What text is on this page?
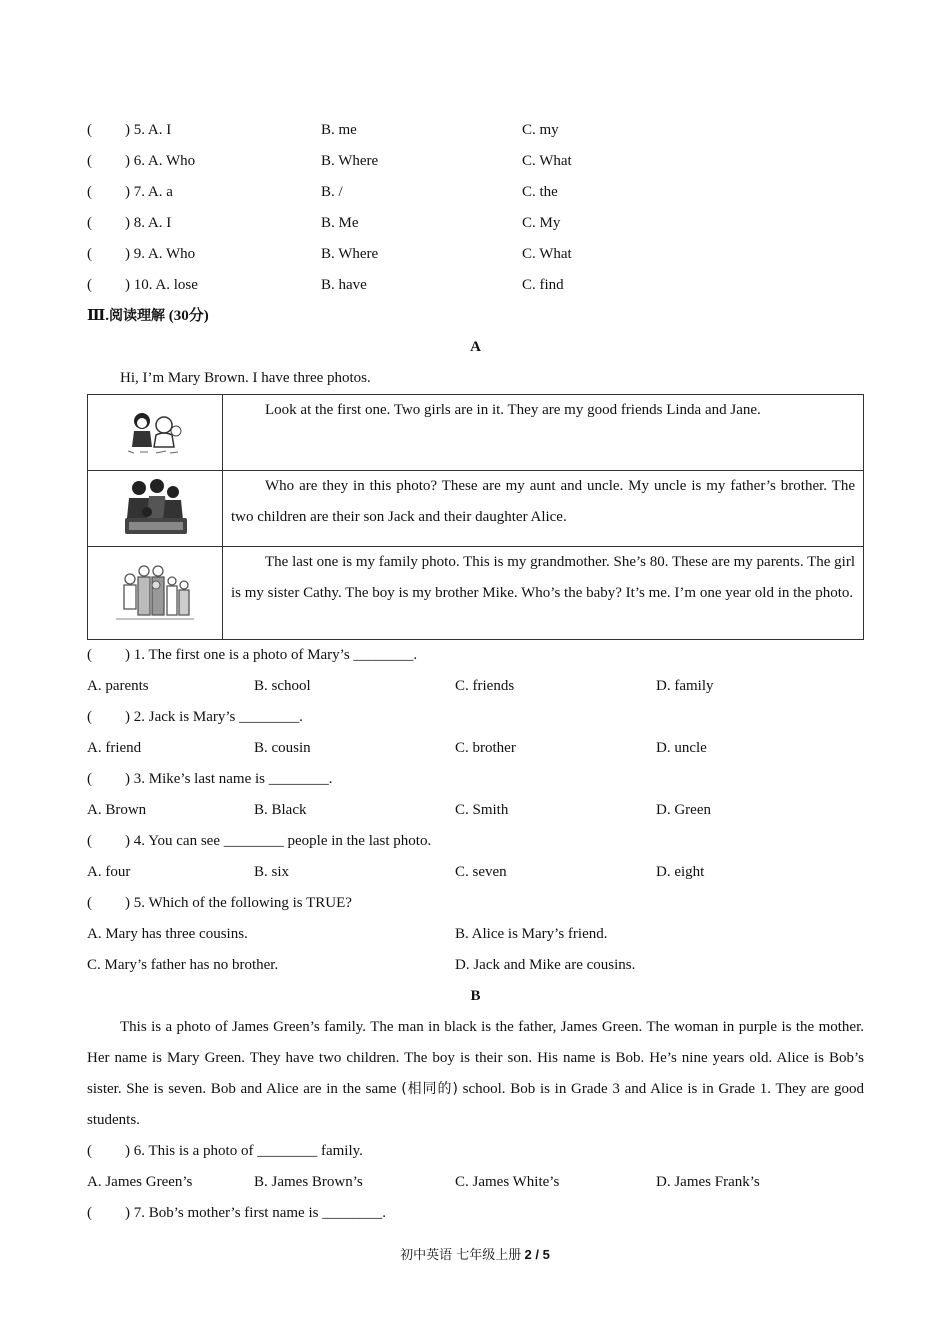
( ) 5. A. I	B. me	C. my
( ) 6. A. Who	B. Where	C. What
( ) 7. A. a	B. /	C. the
( ) 8. A. I	B. Me	C. My
( ) 9. A. Who	B. Where	C. What
( ) 10. A. lose	B. have	C. find
Ⅲ.阅读理解 (30分)
A
Hi, I’m Mary Brown. I have three photos.

Look at the first one. Two girls are in it. They are my good friends Linda and Jane.

Who are they in this photo? These are my aunt and uncle. My uncle is my father’s brother. The two children are their son Jack and their daughter Alice.

The last one is my family photo. This is my grandmother. She’s 80. These are my parents. The girl is my sister Cathy. The boy is my brother Mike. Who’s the baby? It’s me. I’m one year old in the photo.

( ) 1. The first one is a photo of Mary’s ________.
A. parents	B. school	C. friends	D. family
( ) 2. Jack is Mary’s ________.
A. friend	B. cousin	C. brother	D. uncle
( ) 3. Mike’s last name is ________.
A. Brown	B. Black	C. Smith	D. Green
( ) 4. You can see ________ people in the last photo.
A. four	B. six	C. seven	D. eight
( ) 5. Which of the following is TRUE?
A. Mary has three cousins.	B. Alice is Mary’s friend.
C. Mary’s father has no brother.	D. Jack and Mike are cousins.
B

This is a photo of James Green’s family. The man in black is the father, James Green. The woman in purple is the mother. Her name is Mary Green. They have two children. The boy is their son. His name is Bob. He’s nine years old. Alice is Bob’s sister. She is seven. Bob and Alice are in the same (相同的) school. Bob is in Grade 3 and Alice is in Grade 1. They are good students.

( ) 6. This is a photo of ________ family.
A. James Green’s	B. James Brown’s	C. James White’s	D. James Frank’s
( ) 7. Bob’s mother’s first name is ________.
初中英语 七年级上册 2 / 5
